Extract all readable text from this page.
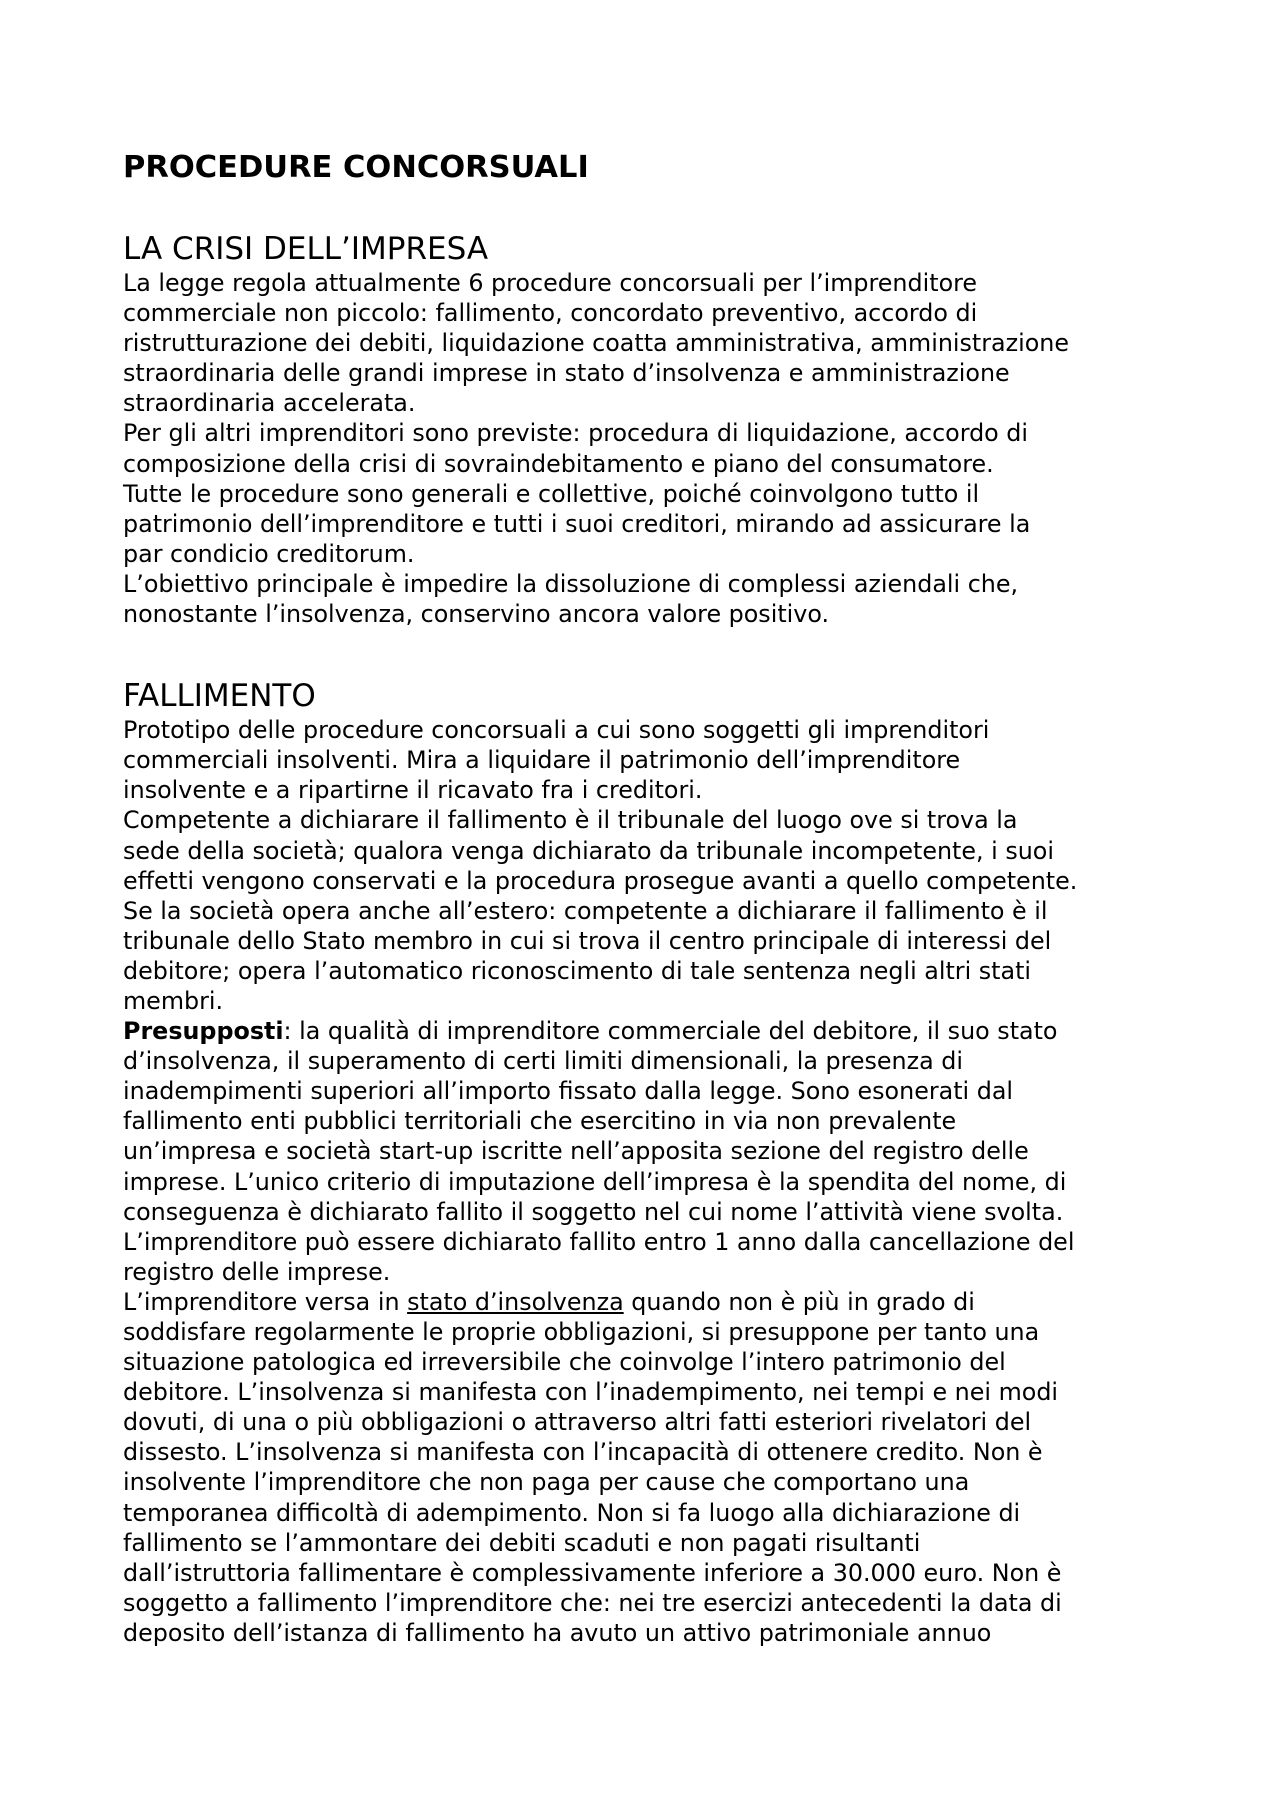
PROCEDURE CONCORSUALI
LA CRISI DELL’IMPRESA
La legge regola attualmente 6 procedure concorsuali per l’imprenditore
commerciale non piccolo: fallimento, concordato preventivo, accordo di
ristrutturazione dei debiti, liquidazione coatta amministrativa, amministrazione
straordinaria delle grandi imprese in stato d’insolvenza e amministrazione
straordinaria accelerata.
Per gli altri imprenditori sono previste: procedura di liquidazione, accordo di
composizione della crisi di sovraindebitamento e piano del consumatore.
Tutte le procedure sono generali e collettive, poiché coinvolgono tutto il
patrimonio dell’imprenditore e tutti i suoi creditori, mirando ad assicurare la
par condicio creditorum.
L’obiettivo principale è impedire la dissoluzione di complessi aziendali che,
nonostante l’insolvenza, conservino ancora valore positivo.
FALLIMENTO
Prototipo delle procedure concorsuali a cui sono soggetti gli imprenditori
commerciali insolventi. Mira a liquidare il patrimonio dell’imprenditore
insolvente e a ripartirne il ricavato fra i creditori.
Competente a dichiarare il fallimento è il tribunale del luogo ove si trova la
sede della società; qualora venga dichiarato da tribunale incompetente, i suoi
effetti vengono conservati e la procedura prosegue avanti a quello competente.
Se la società opera anche all’estero: competente a dichiarare il fallimento è il
tribunale dello Stato membro in cui si trova il centro principale di interessi del
debitore; opera l’automatico riconoscimento di tale sentenza negli altri stati
membri.
Presupposti: la qualità di imprenditore commerciale del debitore, il suo stato
d’insolvenza, il superamento di certi limiti dimensionali, la presenza di
inadempimenti superiori all’importo fissato dalla legge. Sono esonerati dal
fallimento enti pubblici territoriali che esercitino in via non prevalente
un’impresa e società start-up iscritte nell’apposita sezione del registro delle
imprese. L’unico criterio di imputazione dell’impresa è la spendita del nome, di
conseguenza è dichiarato fallito il soggetto nel cui nome l’attività viene svolta.
L’imprenditore può essere dichiarato fallito entro 1 anno dalla cancellazione del
registro delle imprese.
L’imprenditore versa in stato d’insolvenza quando non è più in grado di
soddisfare regolarmente le proprie obbligazioni, si presuppone per tanto una
situazione patologica ed irreversibile che coinvolge l’intero patrimonio del
debitore. L’insolvenza si manifesta con l’inadempimento, nei tempi e nei modi
dovuti, di una o più obbligazioni o attraverso altri fatti esteriori rivelatori del
dissesto. L’insolvenza si manifesta con l’incapacità di ottenere credito. Non è
insolvente l’imprenditore che non paga per cause che comportano una
temporanea difficoltà di adempimento. Non si fa luogo alla dichiarazione di
fallimento se l’ammontare dei debiti scaduti e non pagati risultanti
dall’istruttoria fallimentare è complessivamente inferiore a 30.000 euro. Non è
soggetto a fallimento l’imprenditore che: nei tre esercizi antecedenti la data di
deposito dell’istanza di fallimento ha avuto un attivo patrimoniale annuo
